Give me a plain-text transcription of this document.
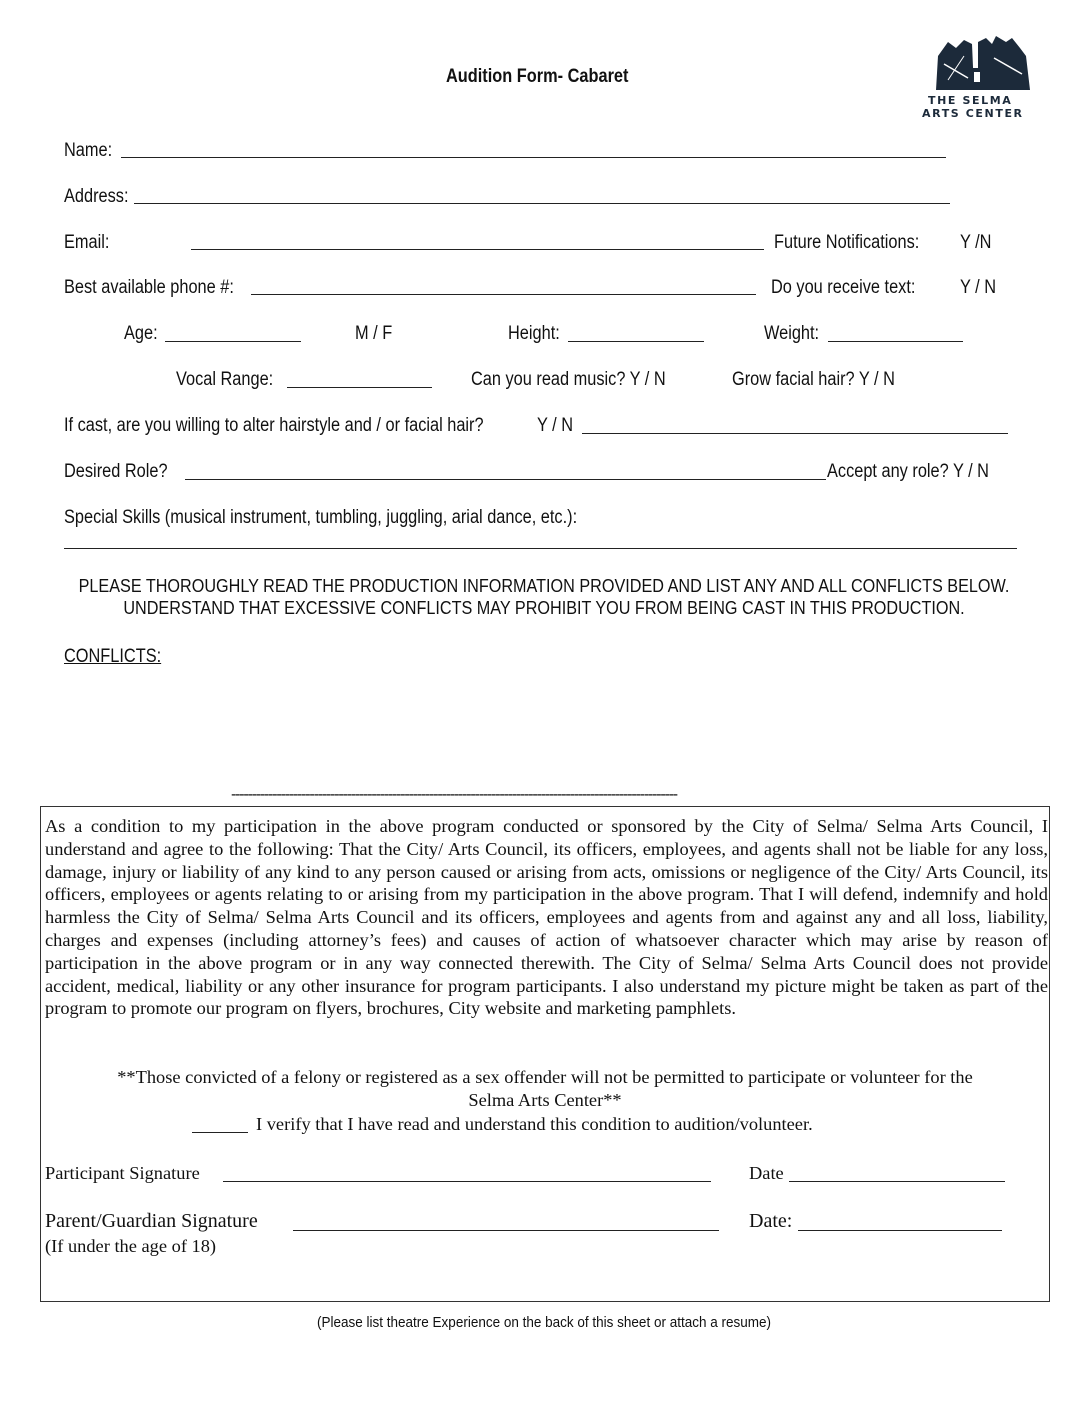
THE SELMA
ARTS CENTER
Audition Form- Cabaret
Name:
Address:
Email:	Future Notifications: Y /N
Best available phone #:	Do you receive text: Y / N
Age:	M / F	Height:	Weight:
Vocal Range:	Can you read music? Y / N	Grow facial hair? Y / N
If cast, are you willing to alter hairstyle and / or facial hair?	Y / N
Desired Role?	Accept any role? Y / N
Special Skills (musical instrument, tumbling, juggling, arial dance, etc.):
PLEASE THOROUGHLY READ THE PRODUCTION INFORMATION PROVIDED AND LIST ANY AND ALL CONFLICTS BELOW.
UNDERSTAND THAT EXCESSIVE CONFLICTS MAY PROHIBIT YOU FROM BEING CAST IN THIS PRODUCTION.
CONFLICTS:
------------------------------------------------------------------------------------------------------------
As a condition to my participation in the above program conducted or sponsored by the City of Selma/ Selma Arts Council, I understand and agree to the following: That the City/ Arts Council, its officers, employees, and agents shall not be liable for any loss, damage, injury or liability of any kind to any person caused or arising from acts, omissions or negligence of the City/ Arts Council, its officers, employees or agents relating to or arising from my participation in the above program. That I will defend, indemnify and hold harmless the City of Selma/ Selma Arts Council and its officers, employees and agents from and against any and all loss, liability, charges and expenses (including attorney’s fees) and causes of action of whatsoever character which may arise by reason of participation in the above program or in any way connected therewith. The City of Selma/ Selma Arts Council does not provide accident, medical, liability or any other insurance for program participants. I also understand my picture might be taken as part of the program to promote our program on flyers, brochures, City website and marketing pamphlets.
**Those convicted of a felony or registered as a sex offender will not be permitted to participate or volunteer for the
Selma Arts Center**
I verify that I have read and understand this condition to audition/volunteer.
Participant Signature	Date
Parent/Guardian Signature	Date:
(If under the age of 18)
(Please list theatre Experience on the back of this sheet or attach a resume)
